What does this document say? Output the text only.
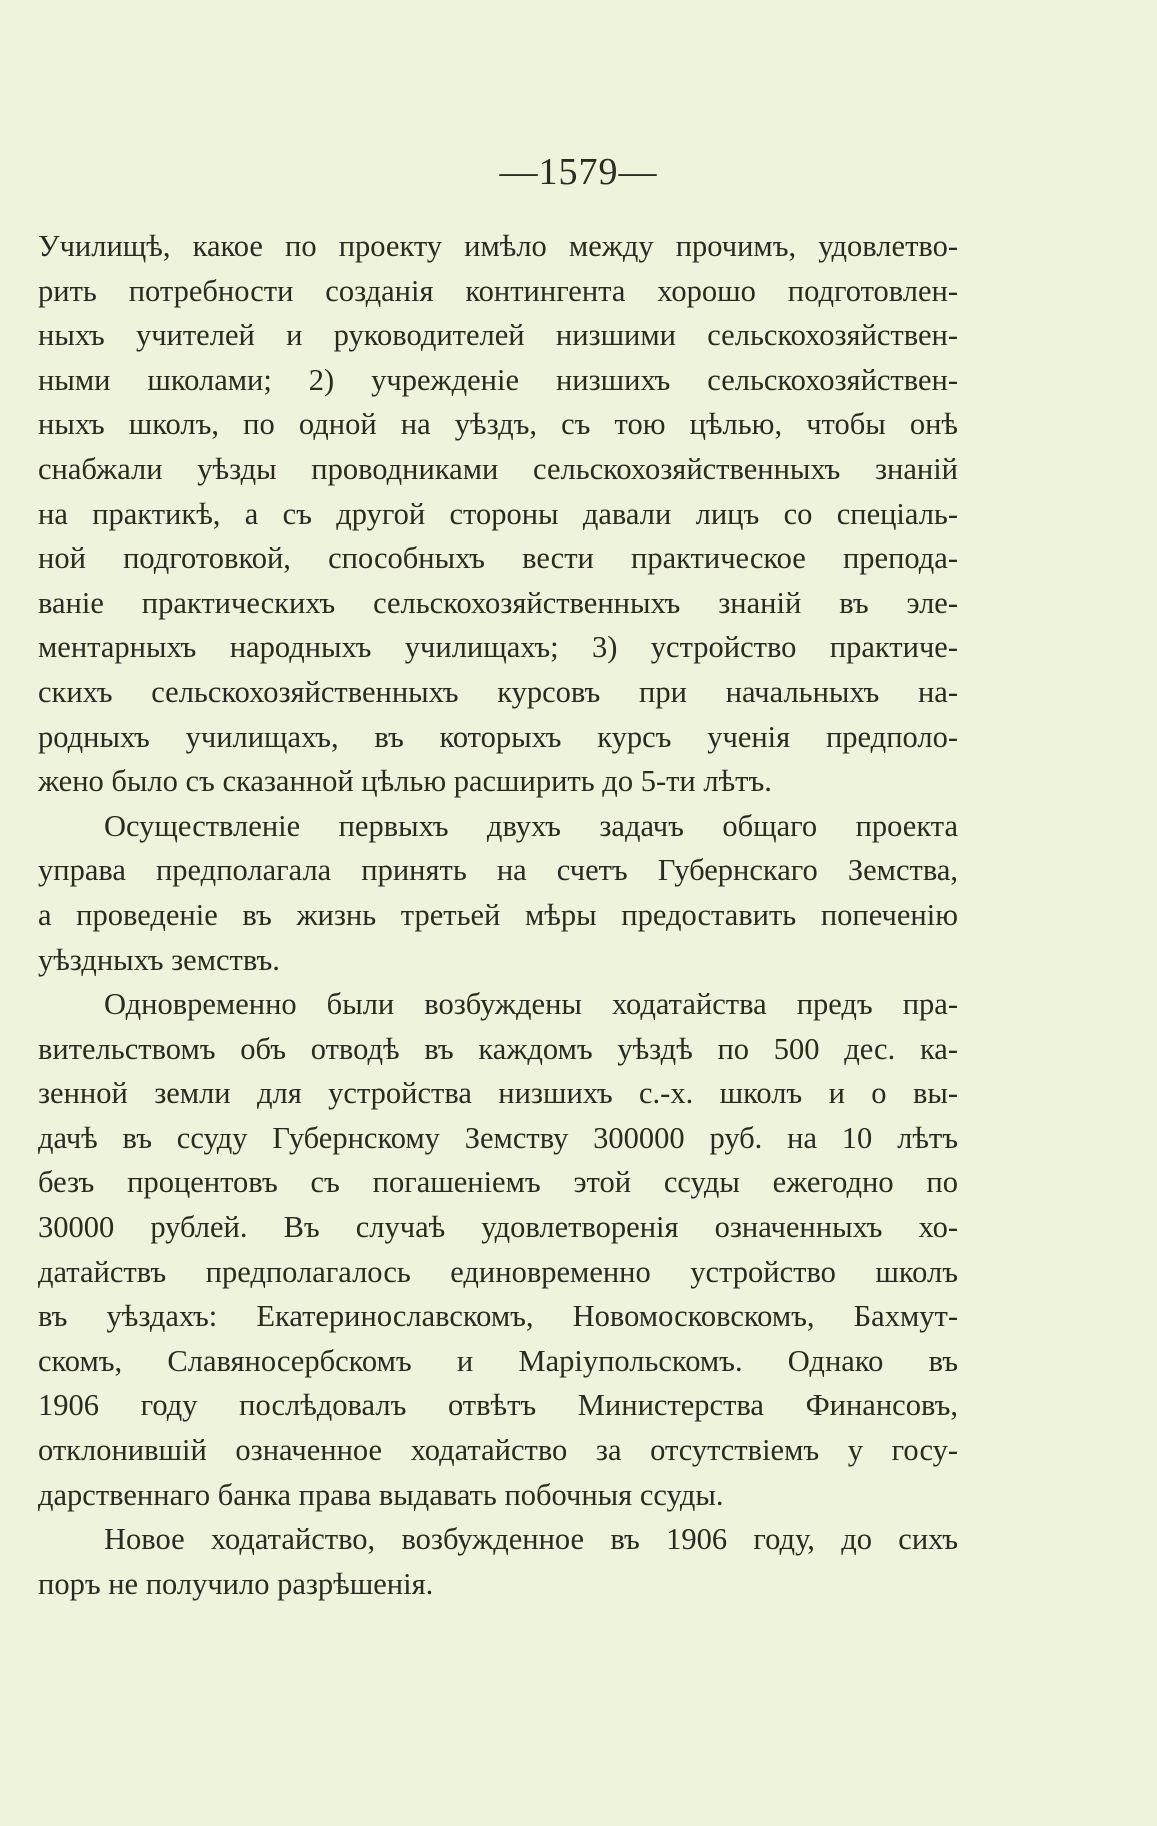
—1579—
Училищѣ, какое по проекту имѣло между прочимъ, удовлетво-
рить потребности созданія контингента хорошо подготовлен-
ныхъ учителей и руководителей низшими сельскохозяйствен-
ными школами; 2) учрежденіе низшихъ сельскохозяйствен-
ныхъ школъ, по одной на уѣздъ, съ тою цѣлью, чтобы онѣ
снабжали уѣзды проводниками сельскохозяйственныхъ знаній
на практикѣ, а съ другой стороны давали лицъ со спеціаль-
ной подготовкой, способныхъ вести практическое препода-
ваніе практическихъ сельскохозяйственныхъ знаній въ эле-
ментарныхъ народныхъ училищахъ; 3) устройство практиче-
скихъ сельскохозяйственныхъ курсовъ при начальныхъ на-
родныхъ училищахъ, въ которыхъ курсъ ученія предполо-
жено было съ сказанной цѣлью расширить до 5-ти лѣтъ.
Осуществленіе первыхъ двухъ задачъ общаго проекта
управа предполагала принять на счетъ Губернскаго Земства,
а проведеніе въ жизнь третьей мѣры предоставить попеченію
уѣздныхъ земствъ.
Одновременно были возбуждены ходатайства предъ пра-
вительствомъ объ отводѣ въ каждомъ уѣздѣ по 500 дес. ка-
зенной земли для устройства низшихъ с.-х. школъ и о вы-
дачѣ въ ссуду Губернскому Земству 300000 руб. на 10 лѣтъ
безъ процентовъ съ погашеніемъ этой ссуды ежегодно по
30000 рублей. Въ случаѣ удовлетворенія означенныхъ хо-
датайствъ предполагалось единовременно устройство школъ
въ уѣздахъ: Екатеринославскомъ, Новомосковскомъ, Бахмут-
скомъ, Славяносербскомъ и Маріупольскомъ. Однако въ
1906 году послѣдовалъ отвѣтъ Министерства Финансовъ,
отклонившій означенное ходатайство за отсутствіемъ у госу-
дарственнаго банка права выдавать побочныя ссуды.
Новое ходатайство, возбужденное въ 1906 году, до сихъ
поръ не получило разрѣшенія.
